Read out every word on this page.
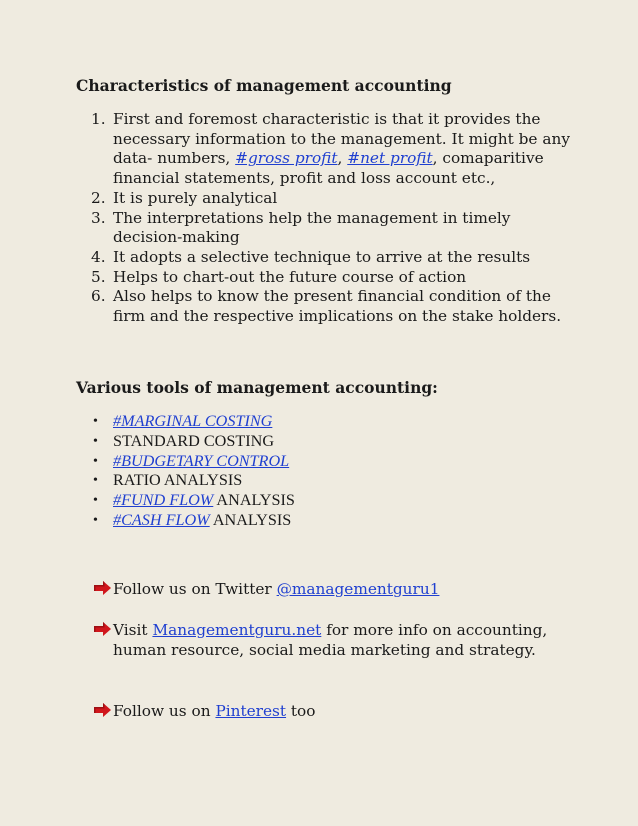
Characteristics of management accounting
1. First and foremost characteristic is that it provides the necessary information to the management. It might be any data- numbers, #gross profit, #net profit, comaparitive financial statements, profit and loss account etc.,
2. It is purely analytical
3. The interpretations help the management in timely decision-making
4. It adopts a selective technique to arrive at the results
5. Helps to chart-out the future course of action
6. Also helps to know the present financial condition of the firm and the respective implications on the stake holders.
Various tools of management accounting:
• #MARGINAL COSTING
• STANDARD COSTING
• #BUDGETARY CONTROL
• RATIO ANALYSIS
• #FUND FLOW ANALYSIS
• #CASH FLOW ANALYSIS
Follow us on Twitter @managementguru1
Visit Managementguru.net for more info on accounting, human resource, social media marketing and strategy.
Follow us on Pinterest too
